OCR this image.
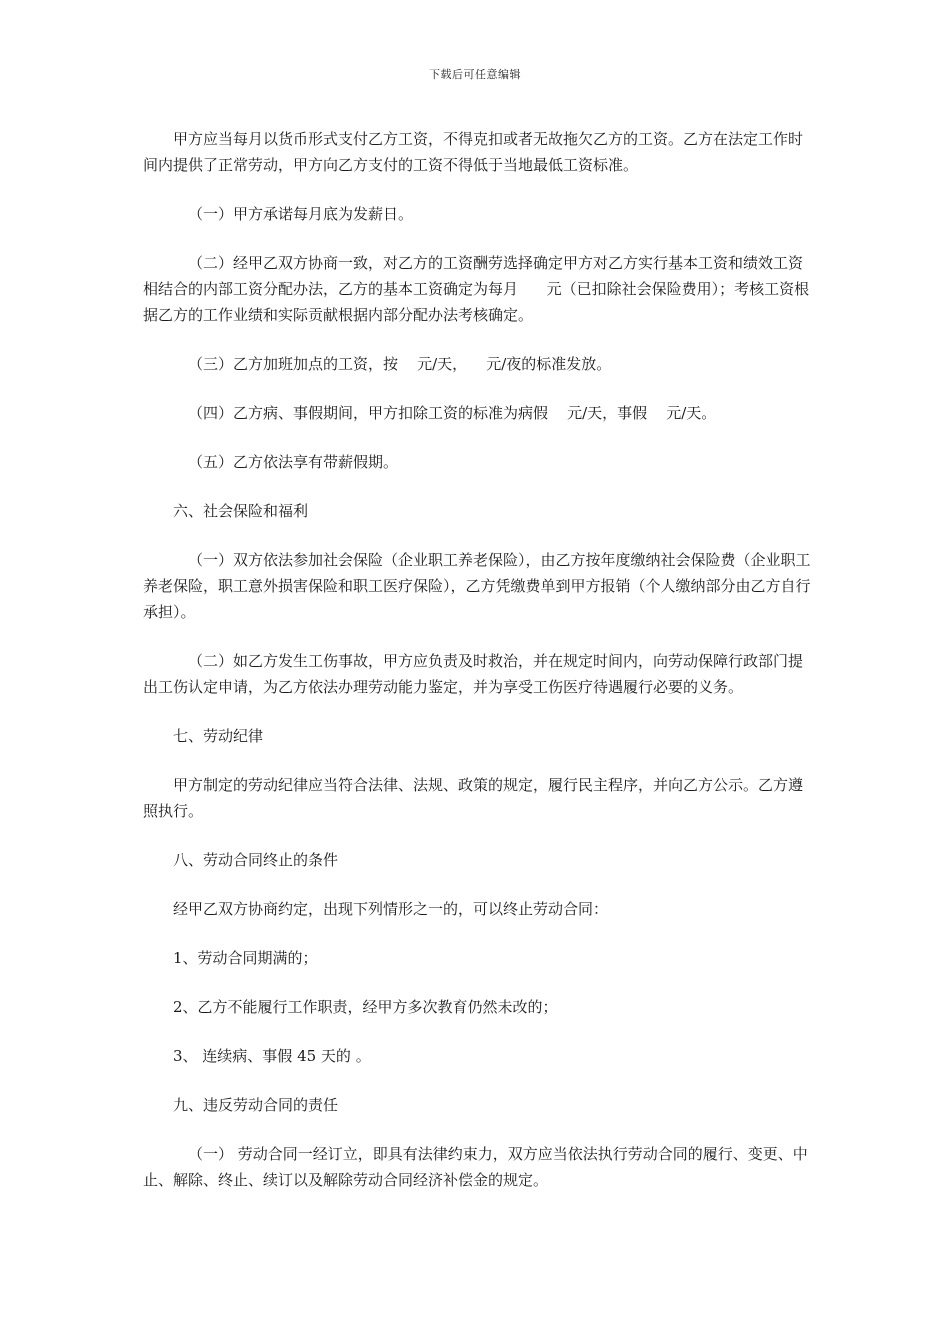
下载后可任意编辑

甲方应当每月以货币形式支付乙方工资，不得克扣或者无故拖欠乙方的工资。乙方在法定工作时间内提供了正常劳动，甲方向乙方支付的工资不得低于当地最低工资标准。

（一）甲方承诺每月底为发薪日。

（二）经甲乙双方协商一致，对乙方的工资酬劳选择确定甲方对乙方实行基本工资和绩效工资相结合的内部工资分配办法，乙方的基本工资确定为每月      元（已扣除社会保险费用）；考核工资根据乙方的工作业绩和实际贡献根据内部分配办法考核确定。

（三）乙方加班加点的工资，按    元/天，    元/夜的标准发放。

（四）乙方病、事假期间，甲方扣除工资的标准为病假    元/天，事假    元/天。

（五）乙方依法享有带薪假期。

六、社会保险和福利

（一）双方依法参加社会保险（企业职工养老保险），由乙方按年度缴纳社会保险费（企业职工养老保险，职工意外损害保险和职工医疗保险），乙方凭缴费单到甲方报销（个人缴纳部分由乙方自行承担）。

（二）如乙方发生工伤事故，甲方应负责及时救治，并在规定时间内，向劳动保障行政部门提出工伤认定申请，为乙方依法办理劳动能力鉴定，并为享受工伤医疗待遇履行必要的义务。

七、劳动纪律

甲方制定的劳动纪律应当符合法律、法规、政策的规定，履行民主程序，并向乙方公示。乙方遵照执行。

八、劳动合同终止的条件

经甲乙双方协商约定，出现下列情形之一的，可以终止劳动合同：

1、劳动合同期满的；

2、乙方不能履行工作职责，经甲方多次教育仍然未改的；

3、 连续病、事假 45 天的 。

九、违反劳动合同的责任

（一） 劳动合同一经订立，即具有法律约束力，双方应当依法执行劳动合同的履行、变更、中止、解除、终止、续订以及解除劳动合同经济补偿金的规定。
